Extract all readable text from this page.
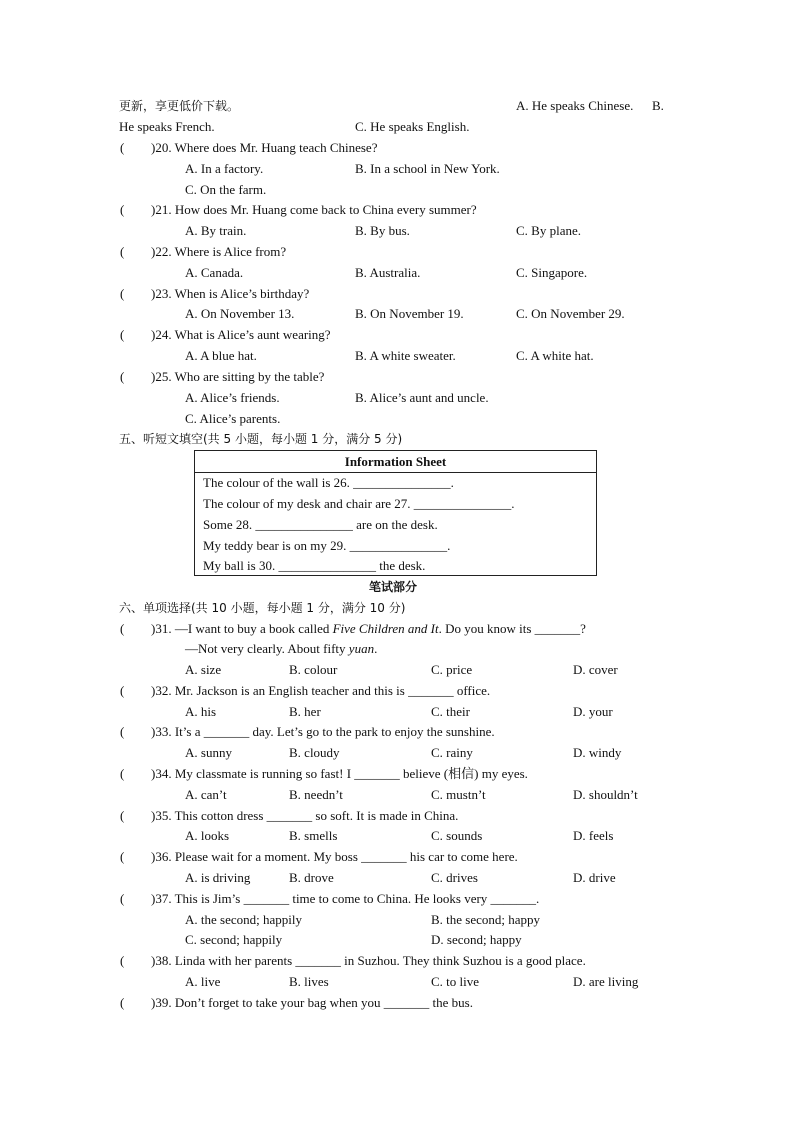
更新，享更低价下载。	A. He speaks Chinese. B.
He speaks French.	C. He speaks English.
( )20. Where does Mr. Huang teach Chinese?
A. In a factory.	B. In a school in New York.
C. On the farm.
( )21. How does Mr. Huang come back to China every summer?
A. By train.	B. By bus.	C. By plane.
( )22. Where is Alice from?
A. Canada.	B. Australia.	C. Singapore.
( )23. When is Alice’s birthday?
A. On November 13.	B. On November 19.	C. On November 29.
( )24. What is Alice’s aunt wearing?
A. A blue hat.	B. A white sweater.	C. A white hat.
( )25. Who are sitting by the table?
A. Alice’s friends.	B. Alice’s aunt and uncle.
C. Alice’s parents.
五、听短文填空(共 5 小题，每小题 1 分，满分 5 分)
Information Sheet
The colour of the wall is 26. _______________.
The colour of my desk and chair are 27. _______________.
Some 28. _______________ are on the desk.
My teddy bear is on my 29. _______________.
My ball is 30. _______________ the desk.
笔试部分
六、单项选择(共 10 小题，每小题 1 分，满分 10 分)
( )31. —I want to buy a book called Five Children and It. Do you know its _______?
—Not very clearly. About fifty yuan.
A. size	B. colour	C. price	D. cover
( )32. Mr. Jackson is an English teacher and this is _______ office.
A. his	B. her	C. their	D. your
( )33. It’s a _______ day. Let’s go to the park to enjoy the sunshine.
A. sunny	B. cloudy	C. rainy	D. windy
( )34. My classmate is running so fast! I _______ believe (相信) my eyes.
A. can’t	B. needn’t	C. mustn’t	D. shouldn’t
( )35. This cotton dress _______ so soft. It is made in China.
A. looks	B. smells	C. sounds	D. feels
( )36. Please wait for a moment. My boss _______ his car to come here.
A. is driving	B. drove	C. drives	D. drive
( )37. This is Jim’s _______ time to come to China. He looks very _______.
A. the second; happily	B. the second; happy
C. second; happily	D. second; happy
( )38. Linda with her parents _______ in Suzhou. They think Suzhou is a good place.
A. live	B. lives	C. to live	D. are living
( )39. Don’t forget to take your bag when you _______ the bus.
